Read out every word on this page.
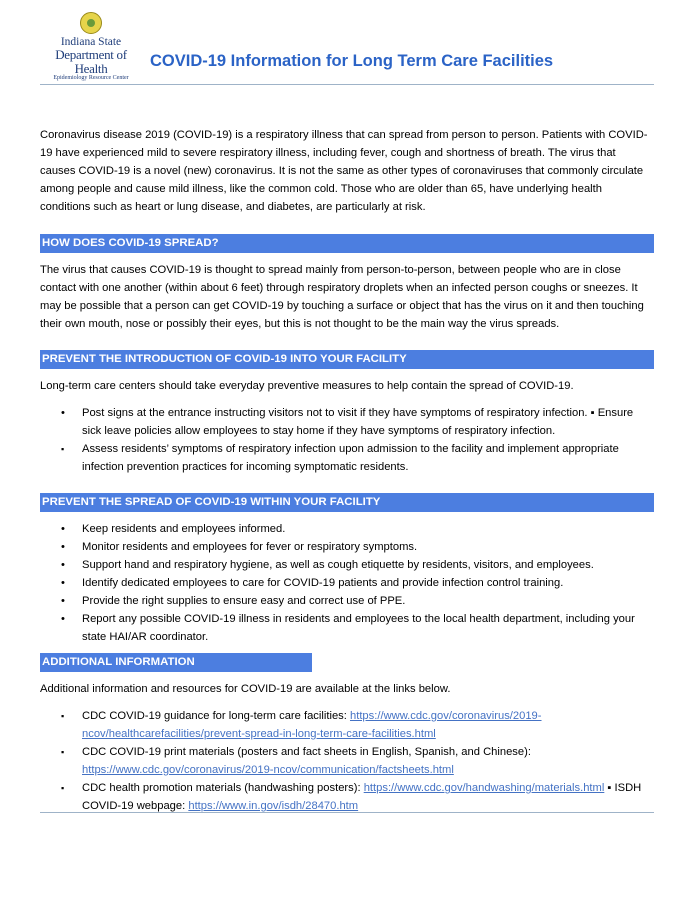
Indiana State
Department of Health
Epidemiology Resource Center
COVID-19 Information for Long Term Care Facilities

Coronavirus disease 2019 (COVID-19) is a respiratory illness that can spread from person to person. Patients with COVID-19 have experienced mild to severe respiratory illness, including fever, cough and shortness of breath. The virus that causes COVID-19 is a novel (new) coronavirus. It is not the same as other types of coronaviruses that commonly circulate among people and cause mild illness, like the common cold. Those who are older than 65, have underlying health conditions such as heart or lung disease, and diabetes, are particularly at risk.

HOW DOES COVID-19 SPREAD?

The virus that causes COVID-19 is thought to spread mainly from person-to-person, between people who are in close contact with one another (within about 6 feet) through respiratory droplets when an infected person coughs or sneezes. It may be possible that a person can get COVID-19 by touching a surface or object that has the virus on it and then touching their own mouth, nose or possibly their eyes, but this is not thought to be the main way the virus spreads.

PREVENT THE INTRODUCTION OF COVID-19 INTO YOUR FACILITY

Long-term care centers should take everyday preventive measures to help contain the spread of COVID-19.

• Post signs at the entrance instructing visitors not to visit if they have symptoms of respiratory infection. ▪ Ensure sick leave policies allow employees to stay home if they have symptoms of respiratory infection.
▪ Assess residents’ symptoms of respiratory infection upon admission to the facility and implement appropriate infection prevention practices for incoming symptomatic residents.
PREVENT THE SPREAD OF COVID-19 WITHIN YOUR FACILITY
• Keep residents and employees informed.
• Monitor residents and employees for fever or respiratory symptoms.
• Support hand and respiratory hygiene, as well as cough etiquette by residents, visitors, and employees.
• Identify dedicated employees to care for COVID-19 patients and provide infection control training.
• Provide the right supplies to ensure easy and correct use of PPE.
• Report any possible COVID-19 illness in residents and employees to the local health department, including your state HAI/AR coordinator.
ADDITIONAL INFORMATION

Additional information and resources for COVID-19 are available at the links below.

▪ CDC COVID-19 guidance for long-term care facilities: https://www.cdc.gov/coronavirus/2019-ncov/healthcarefacilities/prevent-spread-in-long-term-care-facilities.html
▪ CDC COVID-19 print materials (posters and fact sheets in English, Spanish, and Chinese): https://www.cdc.gov/coronavirus/2019-ncov/communication/factsheets.html
▪ CDC health promotion materials (handwashing posters): https://www.cdc.gov/handwashing/materials.html ▪ ISDH COVID-19 webpage: https://www.in.gov/isdh/28470.htm
